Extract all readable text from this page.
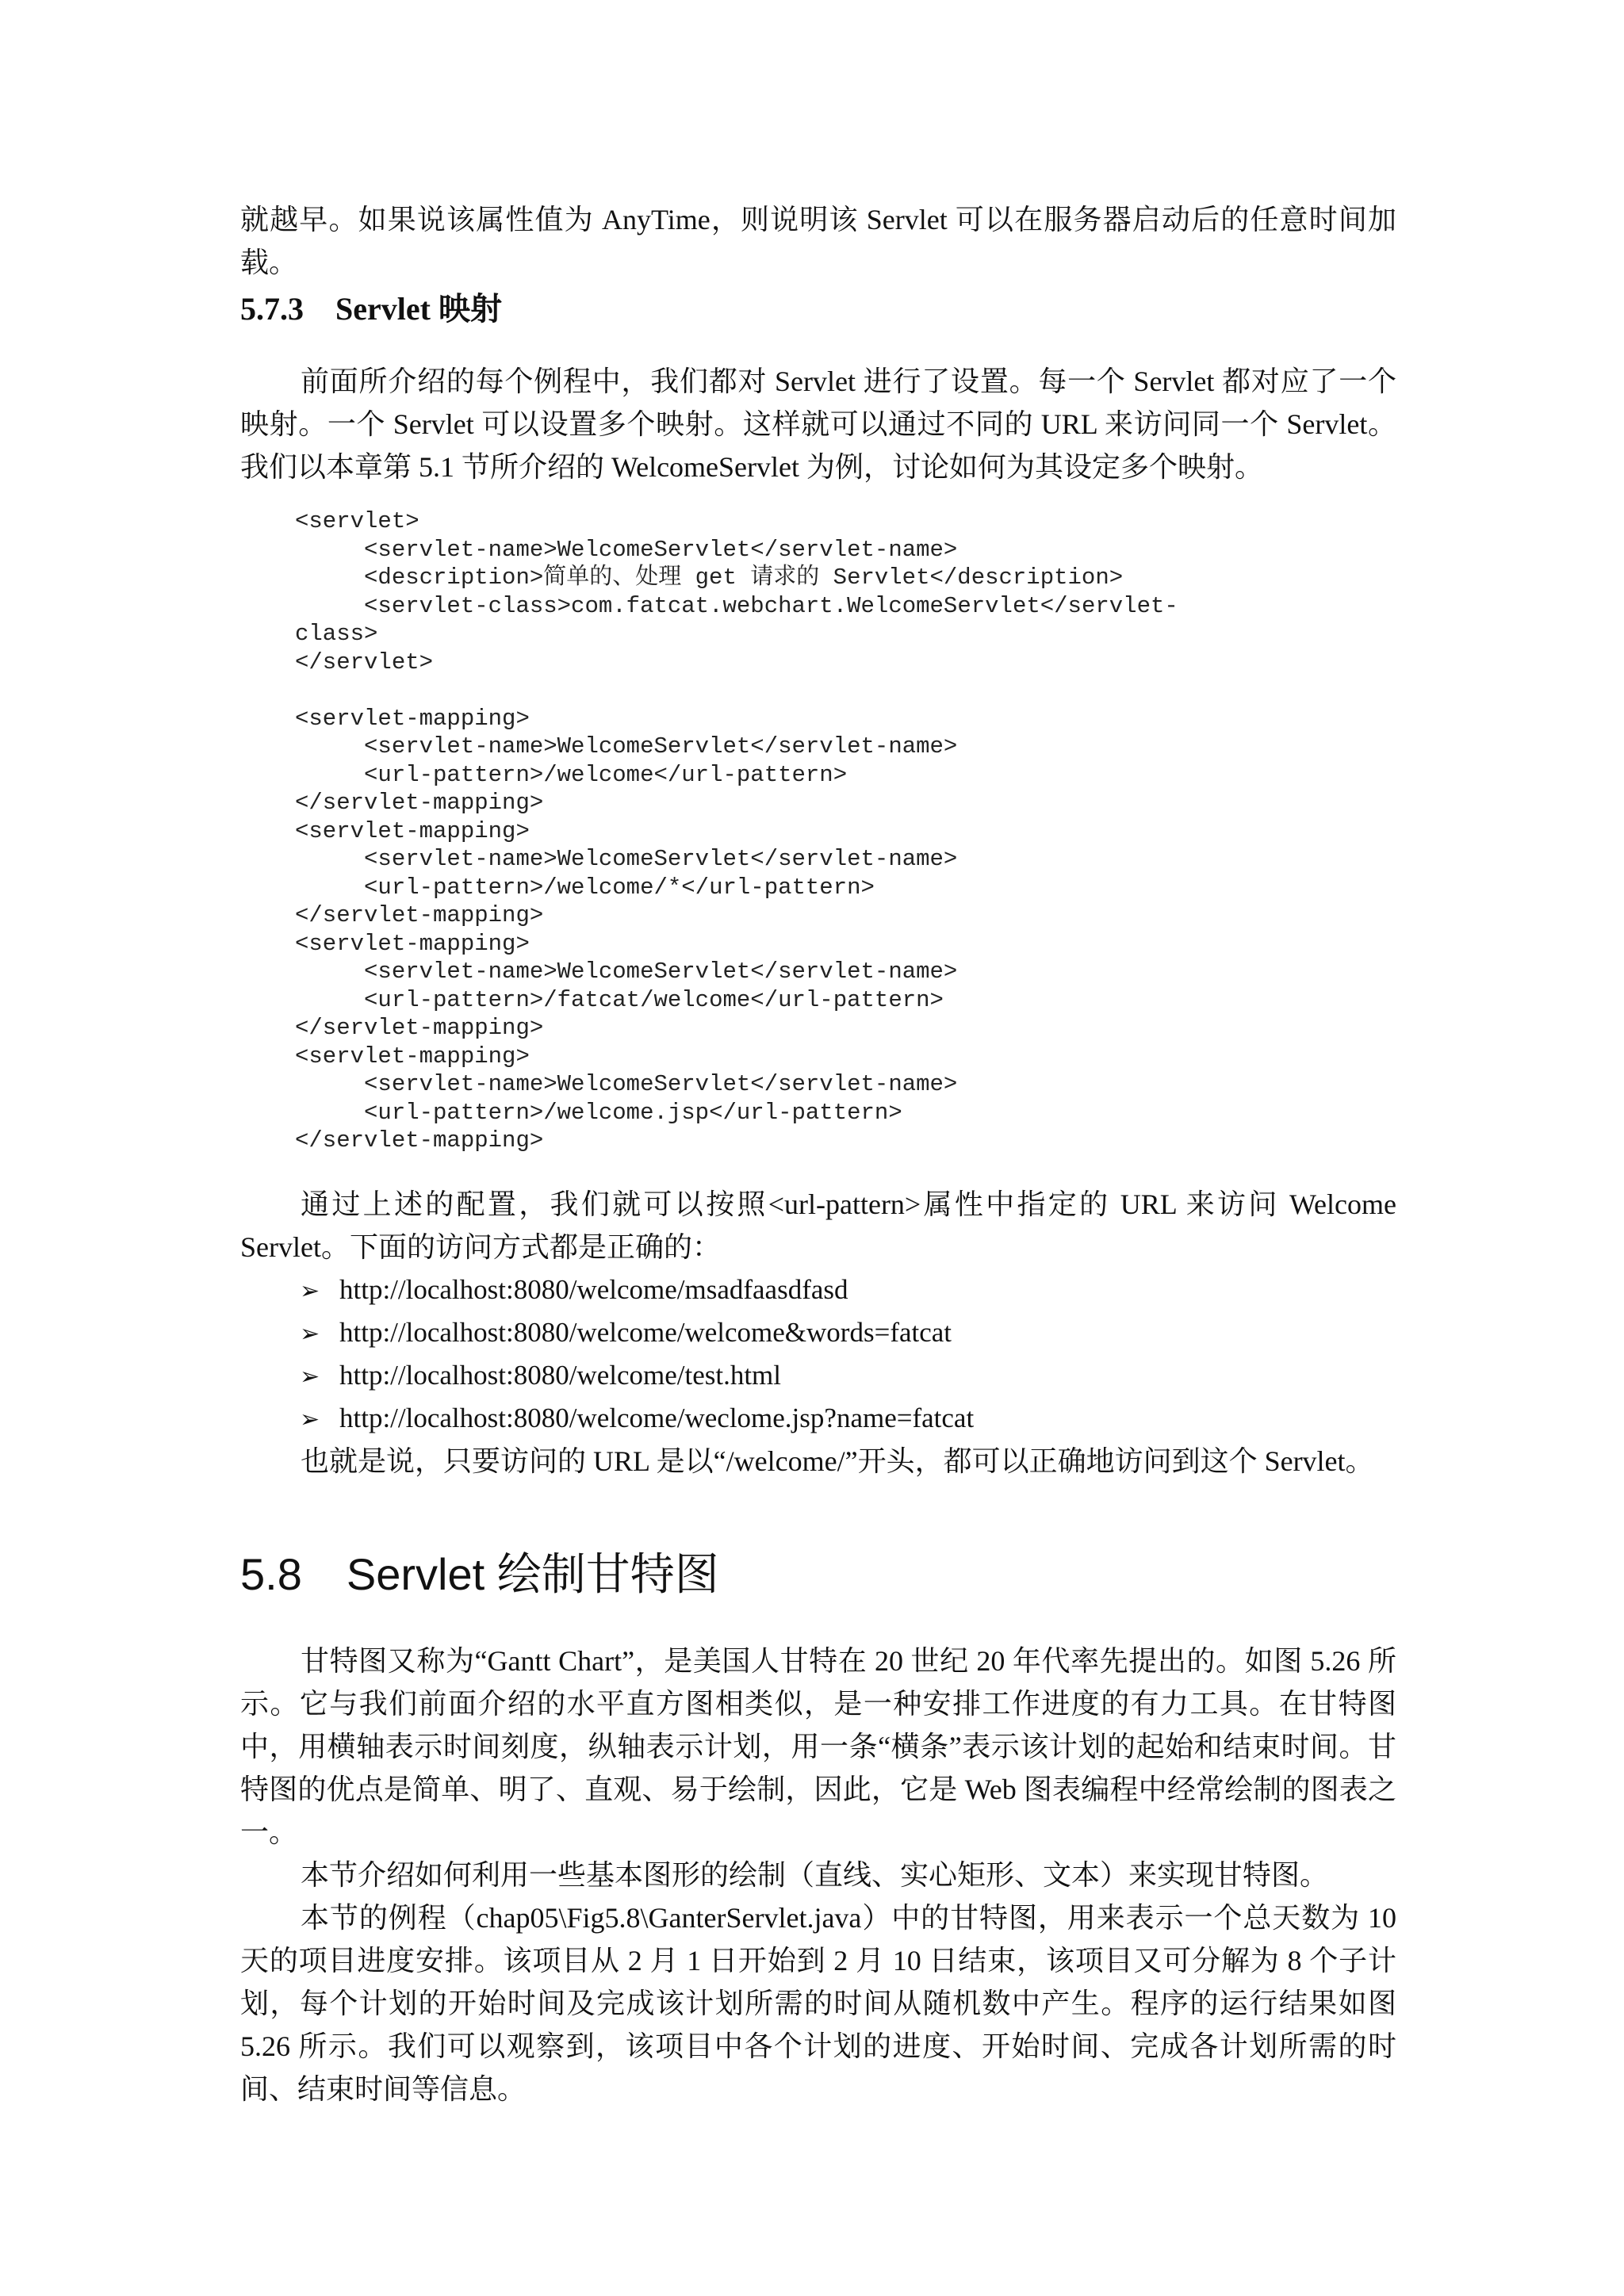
就越早。如果说该属性值为 AnyTime，则说明该 Servlet 可以在服务器启动后的任意时间加载。

5.7.3 Servlet 映射

前面所介绍的每个例程中，我们都对 Servlet 进行了设置。每一个 Servlet 都对应了一个映射。一个 Servlet 可以设置多个映射。这样就可以通过不同的 URL 来访问同一个 Servlet。我们以本章第 5.1 节所介绍的 WelcomeServlet 为例，讨论如何为其设定多个映射。

<servlet>
<servlet-name>WelcomeServlet</servlet-name>
<description>简单的、处理 get 请求的 Servlet</description>
<servlet-class>com.fatcat.webchart.WelcomeServlet</servlet-
class>
</servlet>

<servlet-mapping>
<servlet-name>WelcomeServlet</servlet-name>
<url-pattern>/welcome</url-pattern>
</servlet-mapping>
<servlet-mapping>
<servlet-name>WelcomeServlet</servlet-name>
<url-pattern>/welcome/*</url-pattern>
</servlet-mapping>
<servlet-mapping>
<servlet-name>WelcomeServlet</servlet-name>
<url-pattern>/fatcat/welcome</url-pattern>
</servlet-mapping>
<servlet-mapping>
<servlet-name>WelcomeServlet</servlet-name>
<url-pattern>/welcome.jsp</url-pattern>
</servlet-mapping>

通过上述的配置，我们就可以按照<url-pattern>属性中指定的 URL 来访问 Welcome Servlet。下面的访问方式都是正确的：

➢ http://localhost:8080/welcome/msadfaasdfasd
➢ http://localhost:8080/welcome/welcome&words=fatcat
➢ http://localhost:8080/welcome/test.html
➢ http://localhost:8080/welcome/weclome.jsp?name=fatcat

也就是说，只要访问的 URL 是以“/welcome/”开头，都可以正确地访问到这个 Servlet。

5.8 Servlet 绘制甘特图

甘特图又称为“Gantt Chart”，是美国人甘特在 20 世纪 20 年代率先提出的。如图 5.26 所示。它与我们前面介绍的水平直方图相类似，是一种安排工作进度的有力工具。在甘特图中，用横轴表示时间刻度，纵轴表示计划，用一条“横条”表示该计划的起始和结束时间。甘特图的优点是简单、明了、直观、易于绘制，因此，它是 Web 图表编程中经常绘制的图表之一。

本节介绍如何利用一些基本图形的绘制（直线、实心矩形、文本）来实现甘特图。

本节的例程（chap05\Fig5.8\GanterServlet.java）中的甘特图，用来表示一个总天数为 10 天的项目进度安排。该项目从 2 月 1 日开始到 2 月 10 日结束，该项目又可分解为 8 个子计划，每个计划的开始时间及完成该计划所需的时间从随机数中产生。程序的运行结果如图 5.26 所示。我们可以观察到，该项目中各个计划的进度、开始时间、完成各计划所需的时间、结束时间等信息。
